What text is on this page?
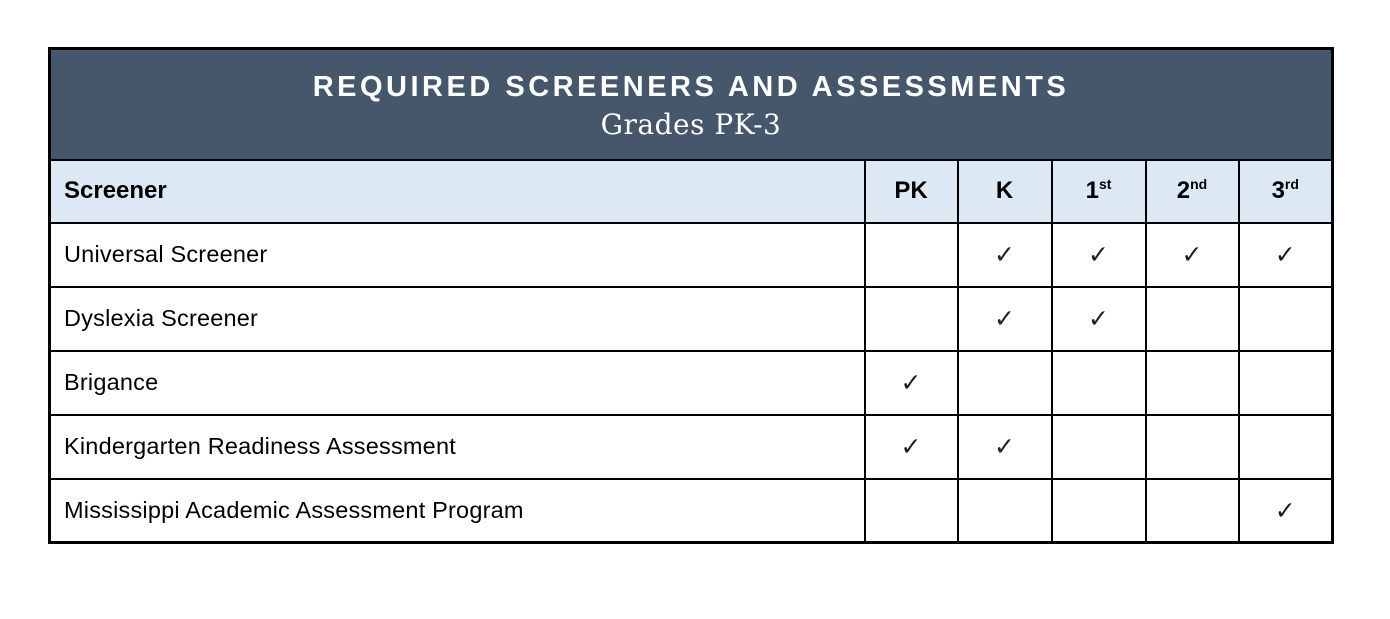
REQUIRED SCREENERS AND ASSESSMENTS
Grades PK-3					

Screener	PK	K	1st	2nd	3rd
Universal Screener		✓	✓	✓	✓
Dyslexia Screener		✓	✓		
Brigance	✓				
Kindergarten Readiness Assessment	✓	✓			
Mississippi Academic Assessment Program					✓
